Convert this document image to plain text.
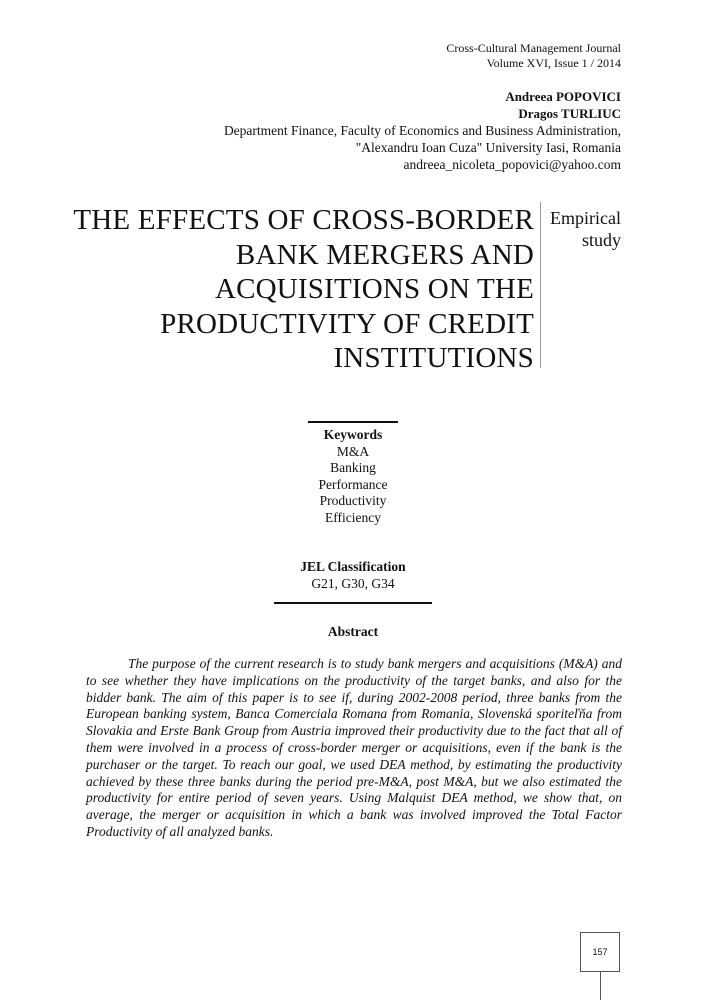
Cross-Cultural Management Journal
Volume XVI, Issue 1 / 2014
Andreea POPOVICI
Dragos TURLIUC
Department Finance, Faculty of Economics and Business Administration,
"Alexandru Ioan Cuza" University Iasi, Romania
andreea_nicoleta_popovici@yahoo.com
THE EFFECTS OF CROSS-BORDER
BANK MERGERS AND
ACQUISITIONS ON THE
PRODUCTIVITY OF CREDIT
INSTITUTIONS
Empirical
study
Keywords
M&A
Banking
Performance
Productivity
Efficiency
JEL Classification
G21, G30, G34
Abstract
The purpose of the current research is to study bank mergers and acquisitions (M&A) and to see whether they have implications on the productivity of the target banks, and also for the bidder bank. The aim of this paper is to see if, during 2002-2008 period, three banks from the European banking system, Banca Comerciala Romana from Romania, Slovenská sporiteľňa from Slovakia and Erste Bank Group from Austria improved their productivity due to the fact that all of them were involved in a process of cross-border merger or acquisitions, even if the bank is the purchaser or the target. To reach our goal, we used DEA method, by estimating the productivity achieved by these three banks during the period pre-M&A, post M&A, but we also estimated the productivity for entire period of seven years. Using Malquist DEA method, we show that, on average, the merger or acquisition in which a bank was involved improved the Total Factor Productivity of all analyzed banks.
157
